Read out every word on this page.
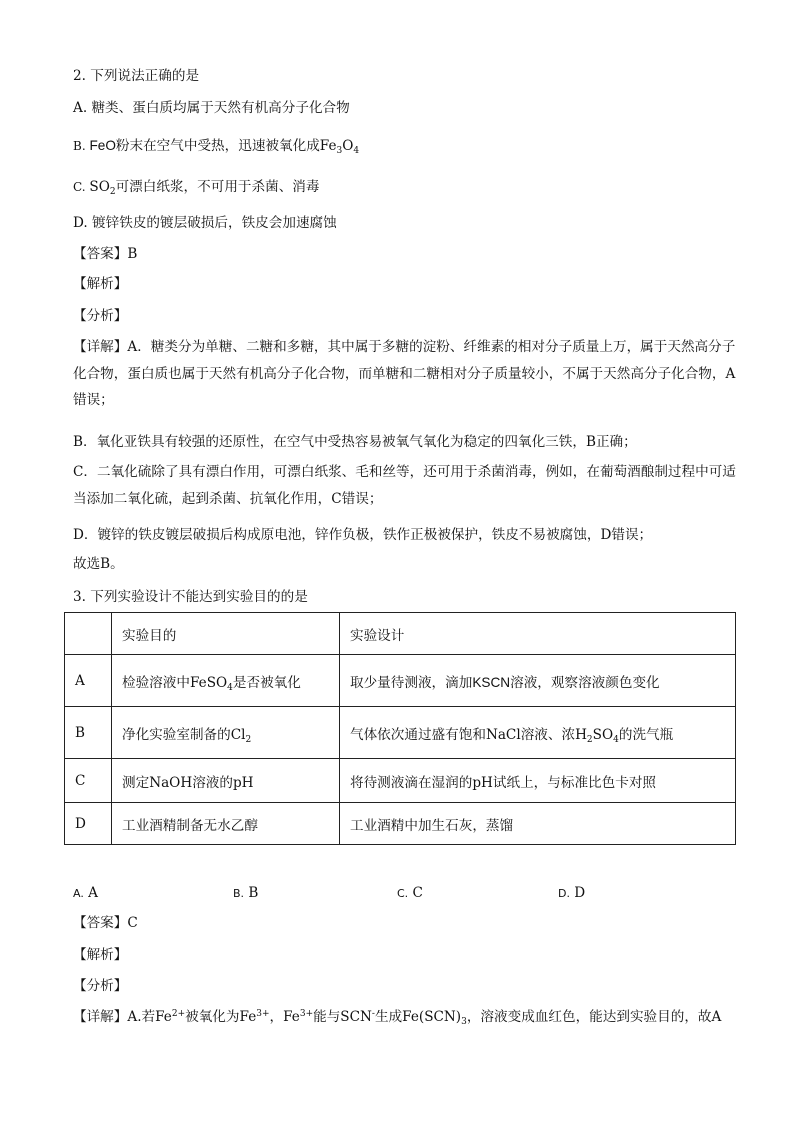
2. 下列说法正确的是
A. 糖类、蛋白质均属于天然有机高分子化合物
B. FeO粉末在空气中受热，迅速被氧化成$Fe_3O_4$
C. $SO_2$可漂白纸浆，不可用于杀菌、消毒
D. 镀锌铁皮的镀层破损后，铁皮会加速腐蚀
【答案】B
【解析】
【分析】
【详解】A．糖类分为单糖、二糖和多糖，其中属于多糖的淀粉、纤维素的相对分子质量上万，属于天然高分子化合物，蛋白质也属于天然有机高分子化合物，而单糖和二糖相对分子质量较小，不属于天然高分子化合物，A错误；
B．氧化亚铁具有较强的还原性，在空气中受热容易被氧气氧化为稳定的四氧化三铁，B正确；
C．二氧化硫除了具有漂白作用，可漂白纸浆、毛和丝等，还可用于杀菌消毒，例如，在葡萄酒酿制过程中可适当添加二氧化硫，起到杀菌、抗氧化作用，C错误；
D．镀锌的铁皮镀层破损后构成原电池，锌作负极，铁作正极被保护，铁皮不易被腐蚀，D错误；
故选B。
3. 下列实验设计不能达到实验目的的是
	实验目的	实验设计
A	检验溶液中FeSO$_4$是否被氧化	取少量待测液，滴加KSCN溶液，观察溶液颜色变化
B	净化实验室制备的$Cl_2$	气体依次通过盛有饱和NaCl溶液、浓$H_2SO_4$的洗气瓶
C	测定NaOH溶液的pH	将待测液滴在湿润的pH试纸上，与标准比色卡对照
D	工业酒精制备无水乙醇	工业酒精中加生石灰，蒸馏
A. A	B. B	C. C	D. D
【答案】C
【解析】
【分析】
【详解】A.若$Fe^{2+}$被氧化为$Fe^{3+}$，$Fe^{3+}$能与SCN-生成$Fe(SCN)_3$，溶液变成血红色，能达到实验目的，故A
